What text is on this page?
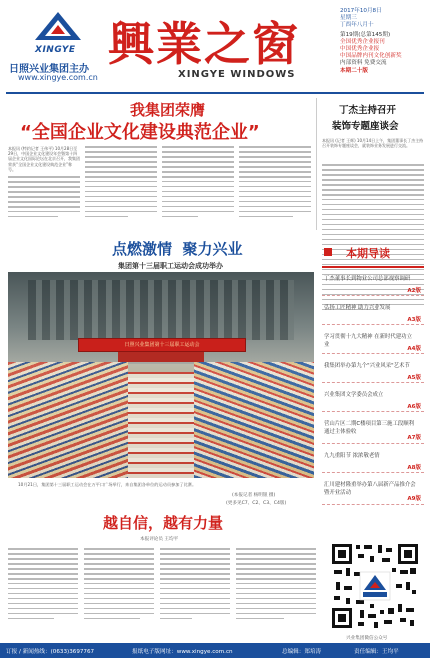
XINGYE
日照兴业集团主办
www.xingye.com.cn
興業之窗
XINGYE WINDOWS
2017年10月8日
星期三
丁酉年八月十
第19期(总第145期)
全国优秀企业报刊
中国优秀企业报
中国品牌内刊文化创新奖
内部资料 免费交流
本期二十版
我集团荣膺
“全国企业文化建设典范企业”
本报讯 (特约记者 王伟平) 10月28日至29日，中国企业文化建设年会暨第十四届企业文化国际论坛在北京召开，我集团荣获“全国企业文化建设典范企业”称号。
丁杰主持召开
装饰专题座谈会
本报讯 (记者 王辉) 10月14日上午，集团董事长丁杰主持召开装饰专题座谈会，就装饰业务发展进行交流。
点燃激情  聚力兴业
集团第十三届职工运动会成功举办
日照兴业集团第十三届职工运动会
10月21日，集团第十三届职工运动会在万平口广场举行，来自集团各单位的运动员参加了比赛。
(本报记者 杨明银 摄)
(更多见C7、C2、C3、C4版)
本期导读
丁杰董事长到物业公司总部视察调研
A2版
弘扬工匠精神 助力兴业发展
A3版
学习贯彻十九大精神 在新时代建功立业
A4版
我集团举办第九个"兴业风采"艺术节
A5版
兴业集团文学委员会成立
A6版
营山片区二期C楼项目第三施工段顺利通过主体验收
A7版
九九重阳节 浓浓敬老情
A8版
汇川建材隆重举办第八届新产品推介会暨开业活动
A9版
越自信，越有力量
本报评论员 王均平
兴业集团微信公众号
订报 / 新闻热线：(0633)3697767	报纸电子版网址：www.xingye.com.cn	总编辑：郑培涛	责任编辑：王均平
